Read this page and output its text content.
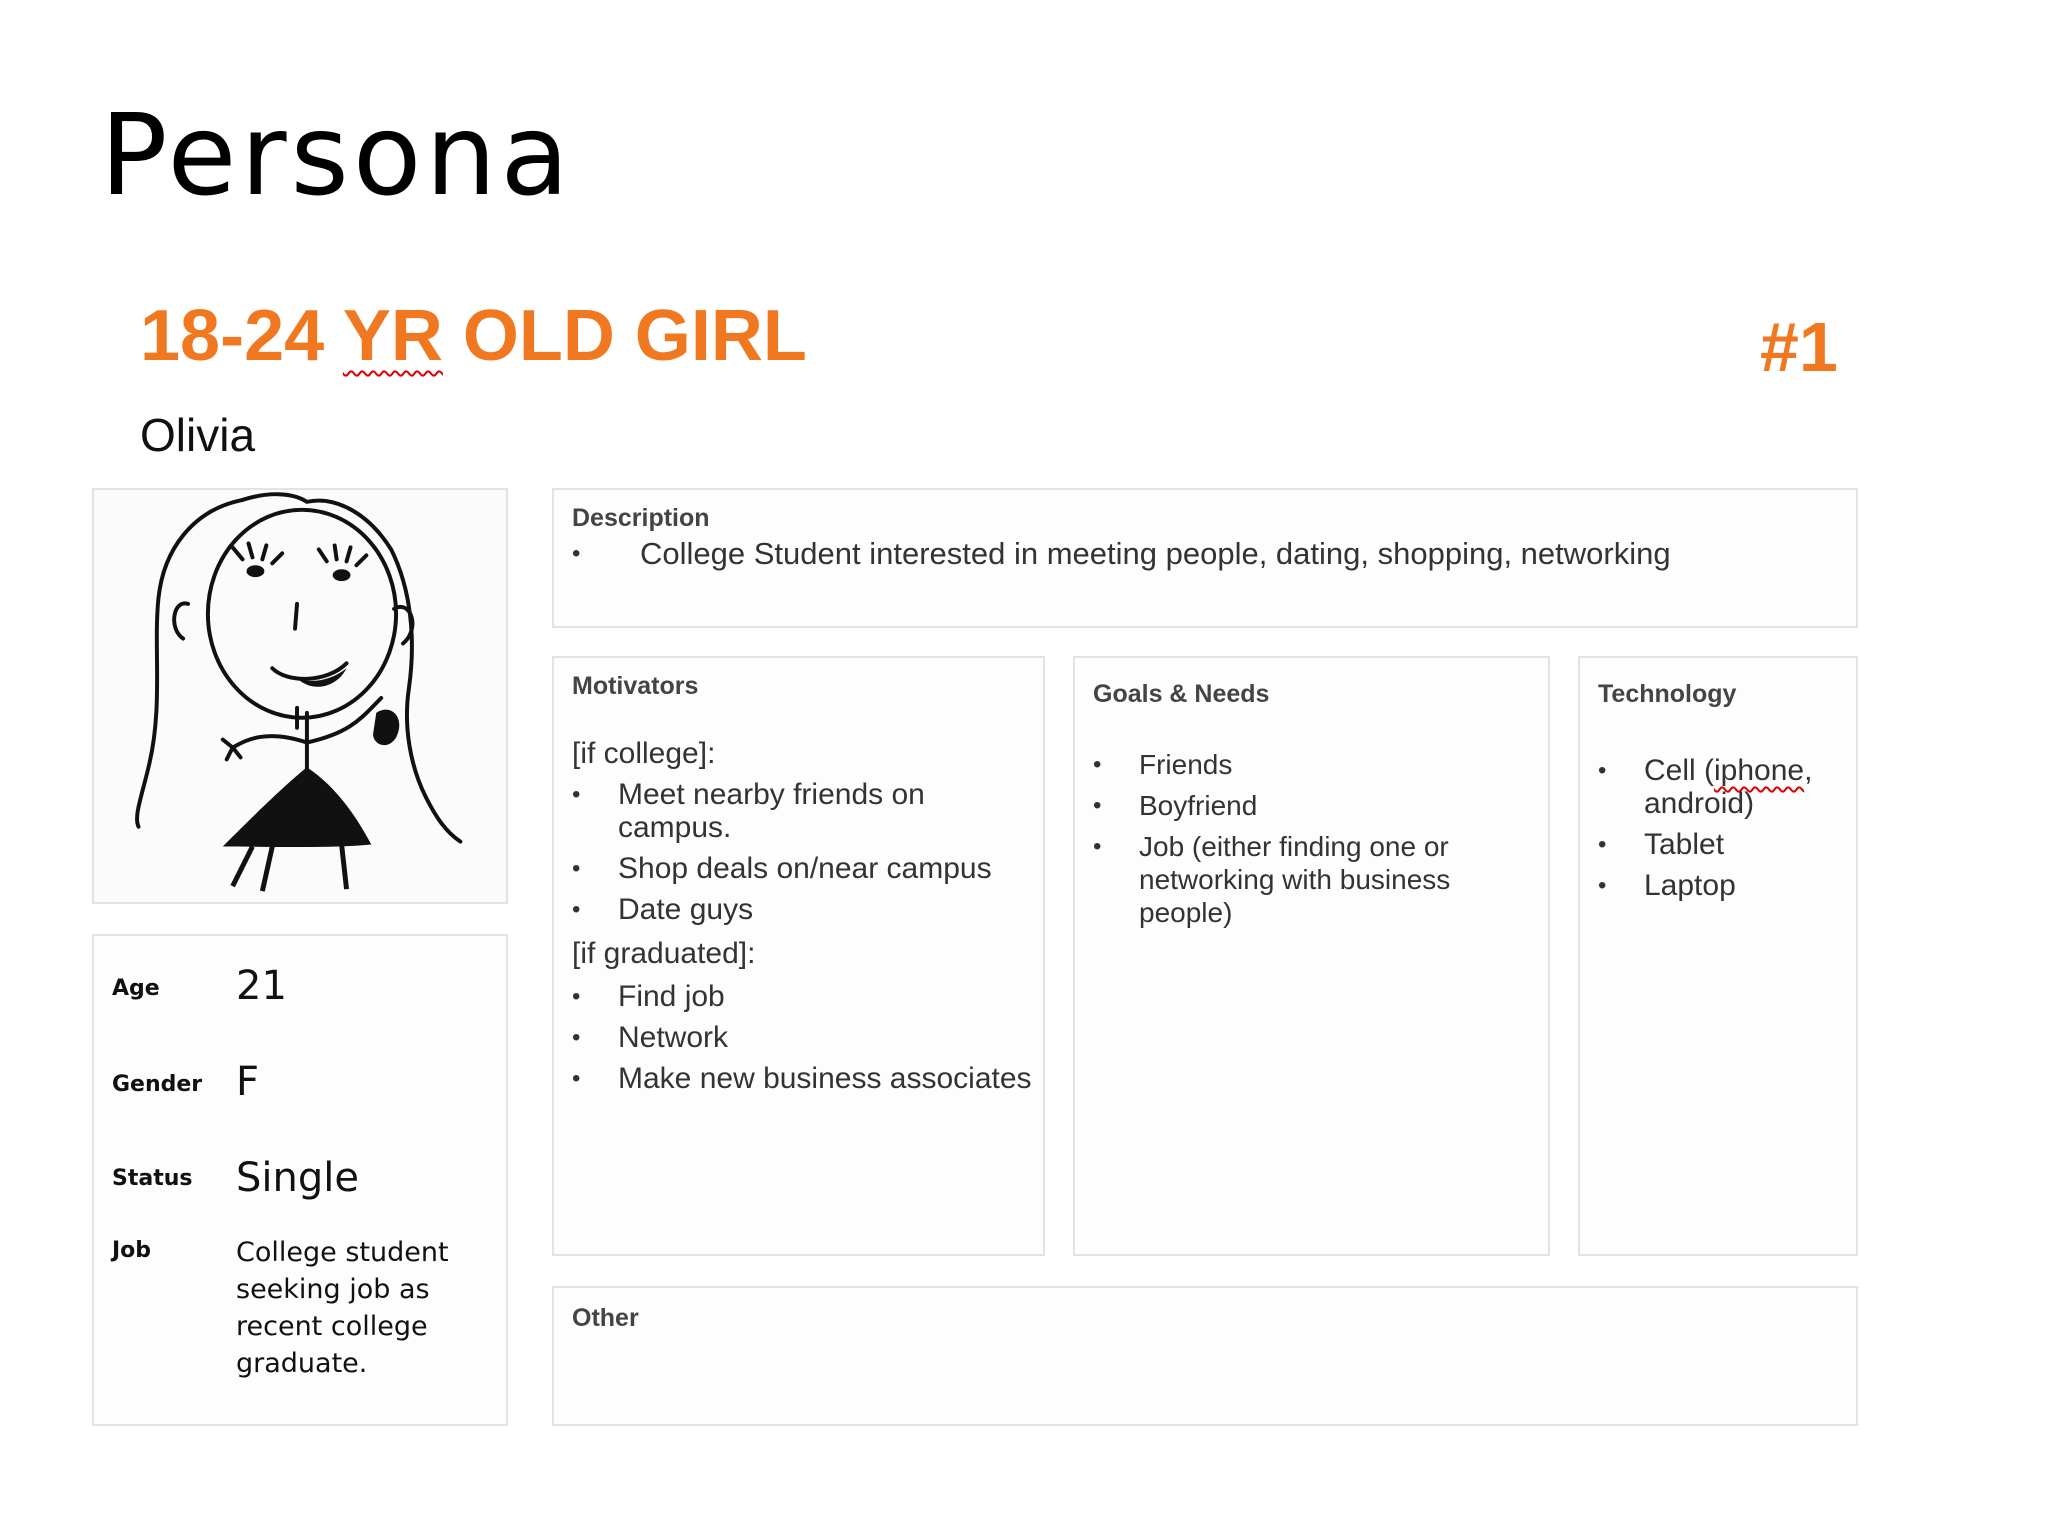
Persona
18-24 YR OLD GIRL	#1
Olivia
Age 21
Gender F
Status Single
Job	College student seeking job as recent college graduate.
Description
• College Student interested in meeting people, dating, shopping, networking
Motivators
[if college]:
• Meet nearby friends on campus.
• Shop deals on/near campus
• Date guys
[if graduated]:
• Find job
• Network
• Make new business associates
Goals & Needs
• Friends
• Boyfriend
• Job (either finding one or networking with business people)
Technology
• Cell (iphone, android)
• Tablet
• Laptop
Other
